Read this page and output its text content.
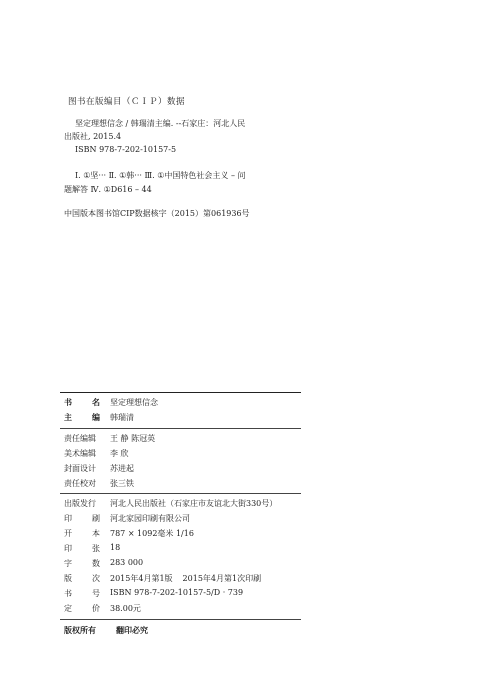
图书在版编目（ＣＩＰ）数据
坚定理想信念 / 韩瑞清主编. --石家庄：河北人民
出版社, 2015.4
ISBN 978-7-202-10157-5
Ⅰ. ①坚··· Ⅱ. ①韩··· Ⅲ. ①中国特色社会主义 – 问
题解答 Ⅳ. ①D616 – 44
中国版本图书馆CIP数据核字（2015）第061936号
书	名 坚定理想信念
主	编 韩瑞清
责任编辑	王 静 陈冠英
美术编辑	李 欣
封面设计	苏进起
责任校对	张三铁
出版发行	河北人民出版社（石家庄市友谊北大街330号）
印	刷 河北家园印刷有限公司
开	本 787 × 1092毫米 1/16
印	张 18
字	数 283 000
版	次 2015年4月第1版 2015年4月第1次印刷
书	号 ISBN 978-7-202-10157-5/D · 739
定	价 38.00元
版权所有	翻印必究
